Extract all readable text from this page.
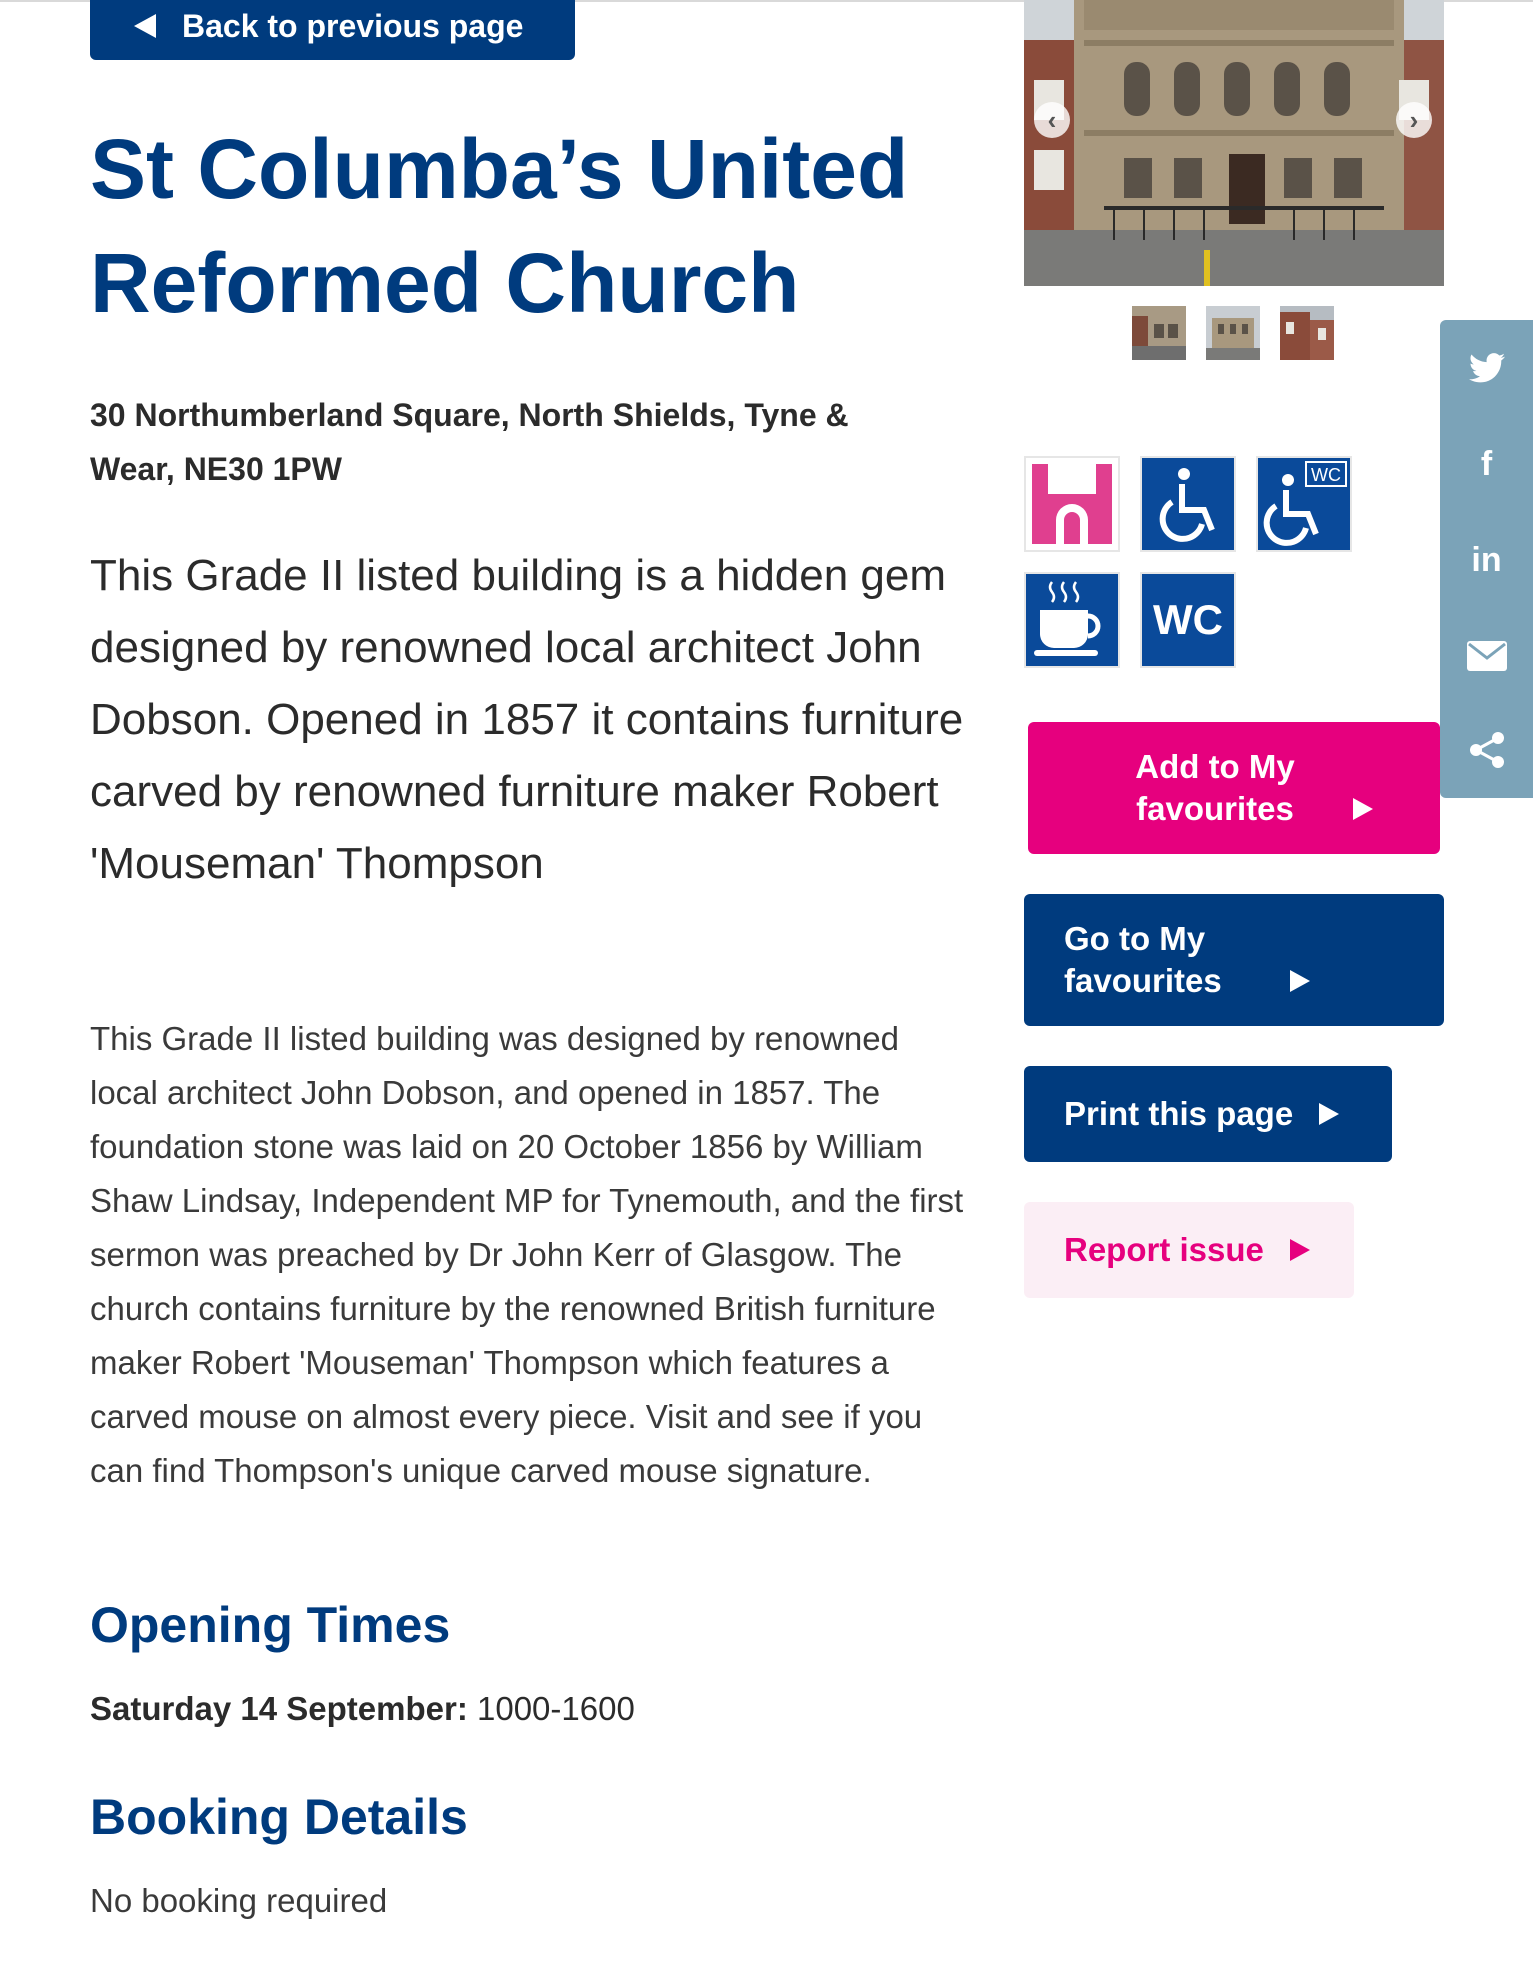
Back to previous page
St Columba’s United Reformed Church
30 Northumberland Square, North Shields, Tyne & Wear, NE30 1PW
This Grade II listed building is a hidden gem designed by renowned local architect John Dobson. Opened in 1857 it contains furniture carved by renowned furniture maker Robert 'Mouseman' Thompson
This Grade II listed building was designed by renowned local architect John Dobson, and opened in 1857. The foundation stone was laid on 20 October 1856 by William Shaw Lindsay, Independent MP for Tynemouth, and the first sermon was preached by Dr John Kerr of Glasgow. The church contains furniture by the renowned British furniture maker Robert 'Mouseman' Thompson which features a carved mouse on almost every piece. Visit and see if you can find Thompson's unique carved mouse signature.
Opening Times
Saturday 14 September: 1000-1600
Booking Details
No booking required
‹	›
WC
WC
Add to My favourites
Go to My favourites
Print this page
Report issue
f
in
